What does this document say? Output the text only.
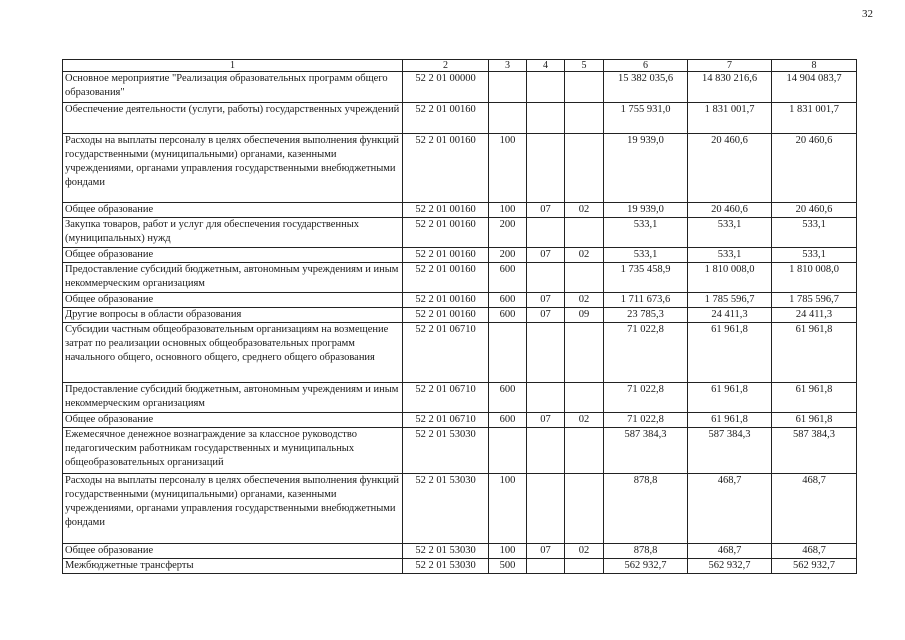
32
1	2	3	4	5	6	7	8
Основное мероприятие "Реализация образовательных программ общего образования"	52 2 01 00000				15 382 035,6	14 830 216,6	14 904 083,7
Обеспечение деятельности (услуги, работы) государственных учреждений	52 2 01 00160				1 755 931,0	1 831 001,7	1 831 001,7
Расходы на выплаты персоналу в целях обеспечения выполнения функций государственными (муниципальными) органами, казенными учреждениями, органами управления государственными внебюджетными фондами	52 2 01 00160	100			19 939,0	20 460,6	20 460,6
Общее образование	52 2 01 00160	100	07	02	19 939,0	20 460,6	20 460,6
Закупка товаров, работ и услуг для обеспечения государственных (муниципальных) нужд	52 2 01 00160	200			533,1	533,1	533,1
Общее образование	52 2 01 00160	200	07	02	533,1	533,1	533,1
Предоставление субсидий бюджетным, автономным учреждениям и иным некоммерческим организациям	52 2 01 00160	600			1 735 458,9	1 810 008,0	1 810 008,0
Общее образование	52 2 01 00160	600	07	02	1 711 673,6	1 785 596,7	1 785 596,7
Другие вопросы в области образования	52 2 01 00160	600	07	09	23 785,3	24 411,3	24 411,3
Субсидии частным общеобразовательным организациям на возмещение затрат по реализации основных общеобразовательных программ начального общего, основного общего, среднего общего образования	52 2 01 06710				71 022,8	61 961,8	61 961,8
Предоставление субсидий бюджетным, автономным учреждениям и иным некоммерческим организациям	52 2 01 06710	600			71 022,8	61 961,8	61 961,8
Общее образование	52 2 01 06710	600	07	02	71 022,8	61 961,8	61 961,8
Ежемесячное денежное вознаграждение за классное руководство педагогическим работникам государственных и муниципальных общеобразовательных организаций	52 2 01 53030				587 384,3	587 384,3	587 384,3
Расходы на выплаты персоналу в целях обеспечения выполнения функций государственными (муниципальными) органами, казенными учреждениями, органами управления государственными внебюджетными фондами	52 2 01 53030	100			878,8	468,7	468,7
Общее образование	52 2 01 53030	100	07	02	878,8	468,7	468,7
Межбюджетные трансферты	52 2 01 53030	500			562 932,7	562 932,7	562 932,7
